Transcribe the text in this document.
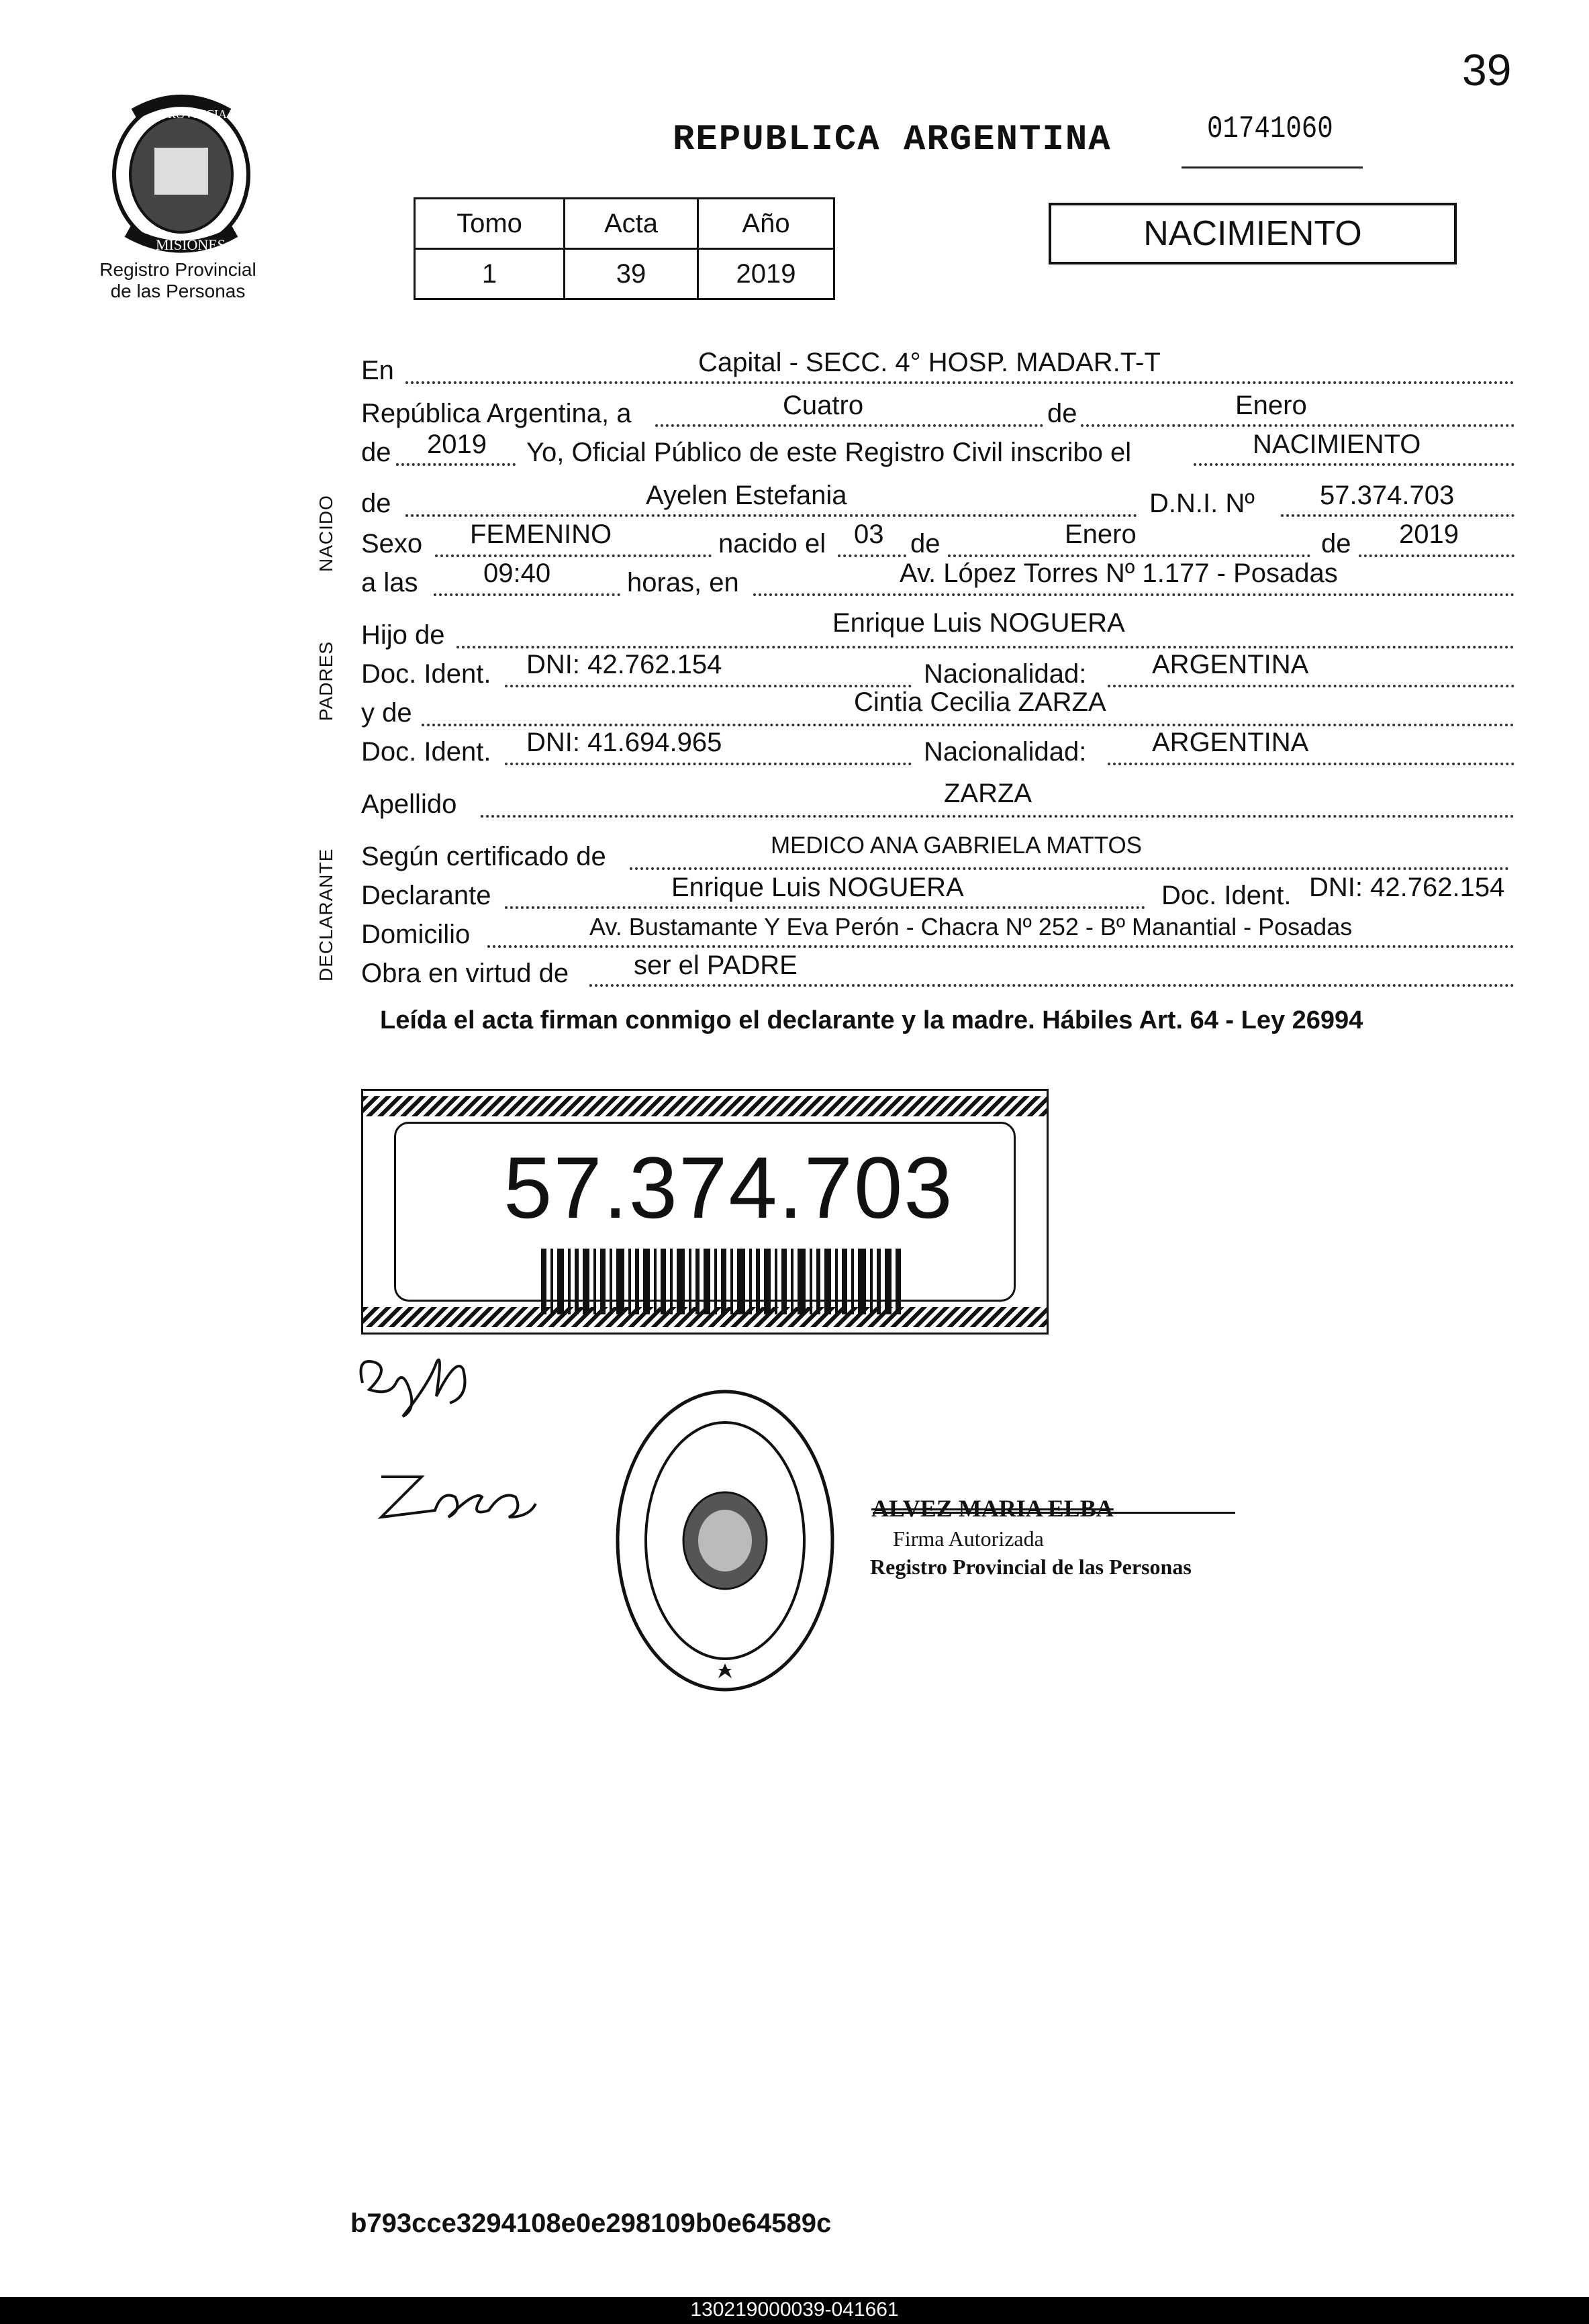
39
PROVINCIA DE
MISIONES
Registro Provincial
de las Personas
REPUBLICA ARGENTINA	01741060
Tomo	Acta	Año
1	39	2019
NACIMIENTO
NACIDO
PADRES
DECLARANTE
En	Capital - SECC. 4° HOSP. MADAR.T-T
República Argentina, a	Cuatro	de	Enero
de 2019 Yo, Oficial Público de este Registro Civil inscribo el	NACIMIENTO
de	Ayelen Estefania	D.N.I. Nº 57.374.703
Sexo FEMENINO	nacido el 03 de	Enero	de 2019
a las 09:40	horas, en	Av. López Torres Nº 1.177 - Posadas
Hijo de	Enrique Luis NOGUERA
Doc. Ident. DNI: 42.762.154	Nacionalidad: ARGENTINA
y de	Cintia Cecilia ZARZA
Doc. Ident. DNI: 41.694.965	Nacionalidad: ARGENTINA
Apellido	ZARZA
Según certificado de	MEDICO ANA GABRIELA MATTOS
Declarante	Enrique Luis NOGUERA	Doc. Ident. DNI: 42.762.154
Domicilio	Av. Bustamante Y Eva Perón - Chacra Nº 252 - Bº Manantial - Posadas
Obra en virtud de ser el PADRE
Leída el acta firman conmigo el declarante y la madre. Hábiles Art. 64 - Ley 26994
57.374.703
ALVEZ MARIA ELBA
Firma Autorizada
Registro Provincial de las Personas
b793cce3294108e0e298109b0e64589c
130219000039-041661
